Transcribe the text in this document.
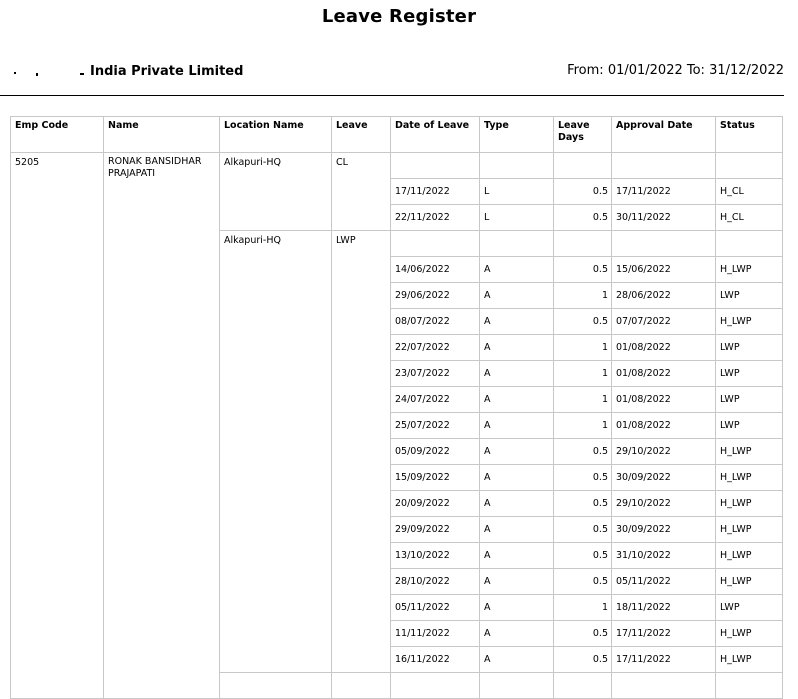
Leave Register
India Private Limited	From: 01/01/2022 To: 31/12/2022
Emp Code	Name	Location Name	Leave	Date of Leave	Type	Leave Days	Approval Date	Status
5205	RONAK BANSIDHAR PRAJAPATI	Alkapuri-HQ	CL					
				17/11/2022	L	0.5	17/11/2022	H_CL
				22/11/2022	L	0.5	30/11/2022	H_CL
		Alkapuri-HQ	LWP					
				14/06/2022	A	0.5	15/06/2022	H_LWP
				29/06/2022	A	1	28/06/2022	LWP
				08/07/2022	A	0.5	07/07/2022	H_LWP
				22/07/2022	A	1	01/08/2022	LWP
				23/07/2022	A	1	01/08/2022	LWP
				24/07/2022	A	1	01/08/2022	LWP
				25/07/2022	A	1	01/08/2022	LWP
				05/09/2022	A	0.5	29/10/2022	H_LWP
				15/09/2022	A	0.5	30/09/2022	H_LWP
				20/09/2022	A	0.5	29/10/2022	H_LWP
				29/09/2022	A	0.5	30/09/2022	H_LWP
				13/10/2022	A	0.5	31/10/2022	H_LWP
				28/10/2022	A	0.5	05/11/2022	H_LWP
				05/11/2022	A	1	18/11/2022	LWP
				11/11/2022	A	0.5	17/11/2022	H_LWP
				16/11/2022	A	0.5	17/11/2022	H_LWP
